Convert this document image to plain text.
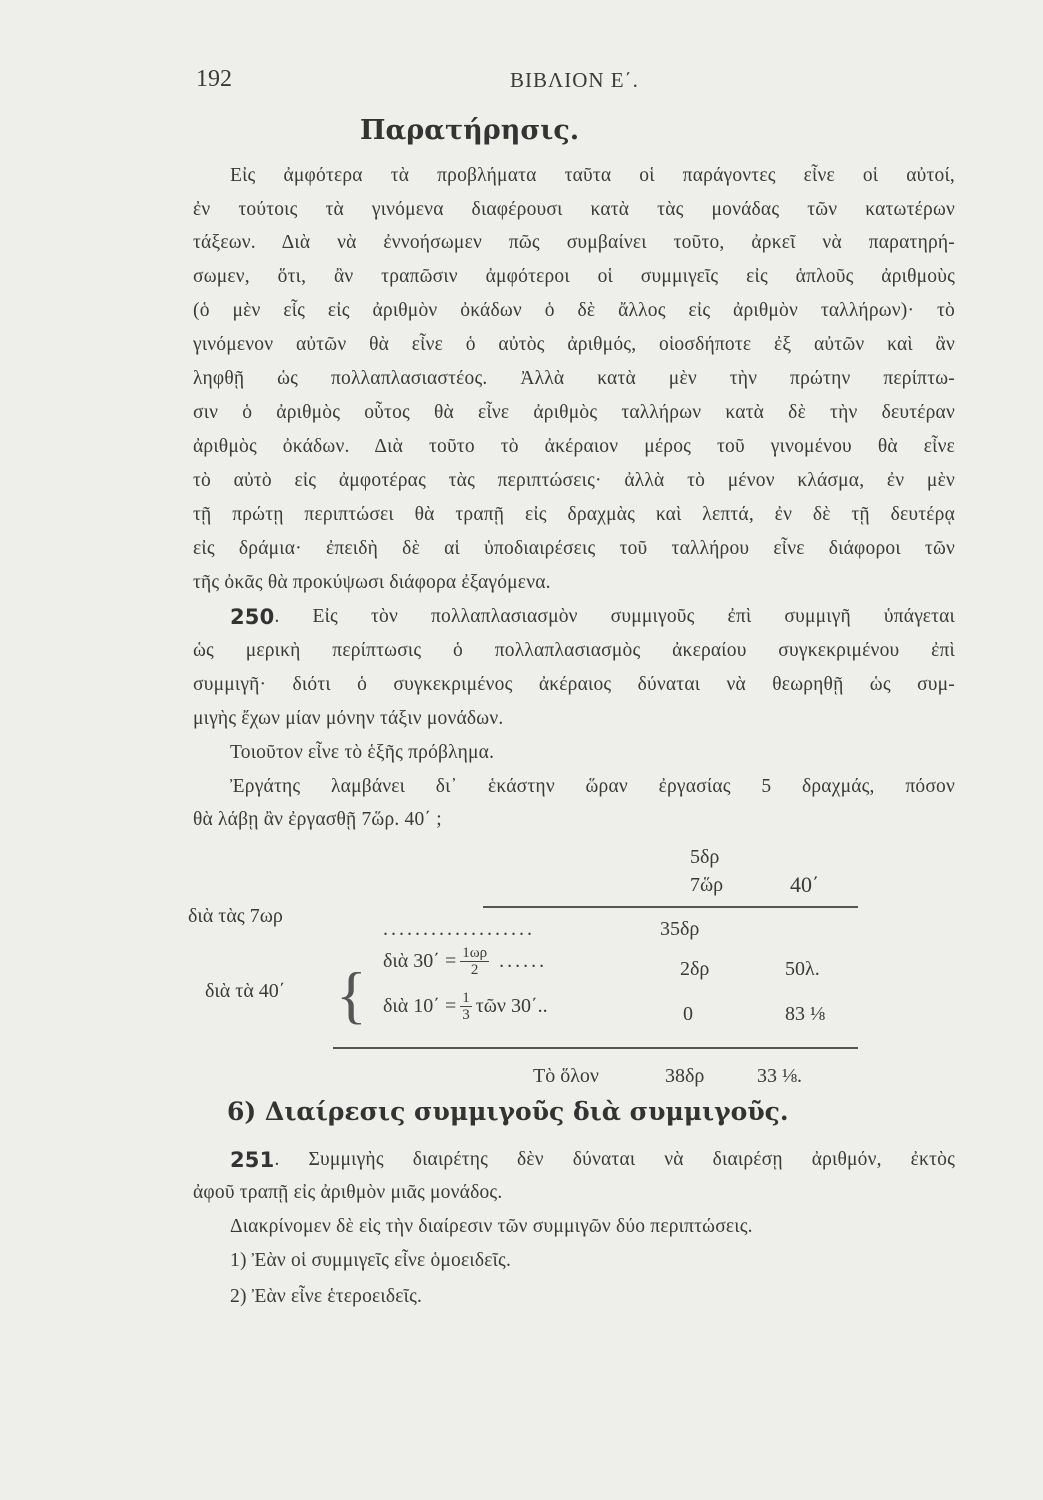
192	ΒΙΒΛΙΟΝ Ε΄.
Παρατήρησις.
Εἰς ἀμφότερα τὰ προβλήματα ταῦτα οἱ παράγοντες εἶνε οἱ αὐτοί,
ἐν τούτοις τὰ γινόμενα διαφέρουσι κατὰ τὰς μονάδας τῶν κατωτέρων
τάξεων. Διὰ νὰ ἐννοήσωμεν πῶς συμβαίνει τοῦτο, ἀρκεῖ νὰ παρατηρή-
σωμεν, ὅτι, ἂν τραπῶσιν ἀμφότεροι οἱ συμμιγεῖς εἰς ἁπλοῦς ἀριθμοὺς
(ὁ μὲν εἷς εἰς ἀριθμὸν ὀκάδων ὁ δὲ ἄλλος εἰς ἀριθμὸν ταλλήρων)· τὸ
γινόμενον αὐτῶν θὰ εἶνε ὁ αὐτὸς ἀριθμός, οἱοσδήποτε ἐξ αὐτῶν καὶ ἂν
ληφθῇ ὡς πολλαπλασιαστέος. Ἀλλὰ κατὰ μὲν τὴν πρώτην περίπτω-
σιν ὁ ἀριθμὸς οὗτος θὰ εἶνε ἀριθμὸς ταλλήρων κατὰ δὲ τὴν δευτέραν
ἀριθμὸς ὀκάδων. Διὰ τοῦτο τὸ ἀκέραιον μέρος τοῦ γινομένου θὰ εἶνε
τὸ αὐτὸ εἰς ἀμφοτέρας τὰς περιπτώσεις· ἀλλὰ τὸ μένον κλάσμα, ἐν μὲν
τῇ πρώτῃ περιπτώσει θὰ τραπῇ εἰς δραχμὰς καὶ λεπτά, ἐν δὲ τῇ δευτέρᾳ
εἰς δράμια· ἐπειδὴ δὲ αἱ ὑποδιαιρέσεις τοῦ ταλλήρου εἶνε διάφοροι τῶν
τῆς ὀκᾶς θὰ προκύψωσι διάφορα ἐξαγόμενα.
250 . Εἰς τὸν πολλαπλασιασμὸν συμμιγοῦς ἐπὶ συμμιγῆ ὑπάγεται
ὡς μερικὴ περίπτωσις ὁ πολλαπλασιασμὸς ἀκεραίου συγκεκριμένου ἐπὶ
συμμιγῆ· διότι ὁ συγκεκριμένος ἀκέραιος δύναται νὰ θεωρηθῇ ὡς συμ-
μιγὴς ἔχων μίαν μόνην τάξιν μονάδων.
Τοιοῦτον εἶνε τὸ ἑξῆς πρόβλημα.
Ἐργάτης λαμβάνει δι᾽ ἑκάστην ὥραν ἐργασίας 5 δραχμάς, πόσον
θὰ λάβῃ ἂν ἐργασθῇ 7ὥρ. 40΄ ;
5δρ
7ὥρ	40΄
διὰ τὰς 7ωρ
...................	35δρ
διὰ τὰ 40΄ { διὰ $30΄ = \frac{1\omega\rho}{2}$ ......	2δρ	50λ.
διὰ $10΄ = \frac{1}{3}$ τῶν 30΄..	0	83 ⅛
Τὸ ὅλον	38δρ	33 ⅛.
6) Διαίρεσις συμμιγοῦς διὰ συμμιγοῦς.
251 . Συμμιγὴς διαιρέτης δὲν δύναται νὰ διαιρέσῃ ἀριθμόν, ἐκτὸς
ἀφοῦ τραπῇ εἰς ἀριθμὸν μιᾶς μονάδος.
Διακρίνομεν δὲ εἰς τὴν διαίρεσιν τῶν συμμιγῶν δύο περιπτώσεις.
1) Ἐὰν οἱ συμμιγεῖς εἶνε ὁμοειδεῖς.
2) Ἐὰν εἶνε ἑτεροειδεῖς.
